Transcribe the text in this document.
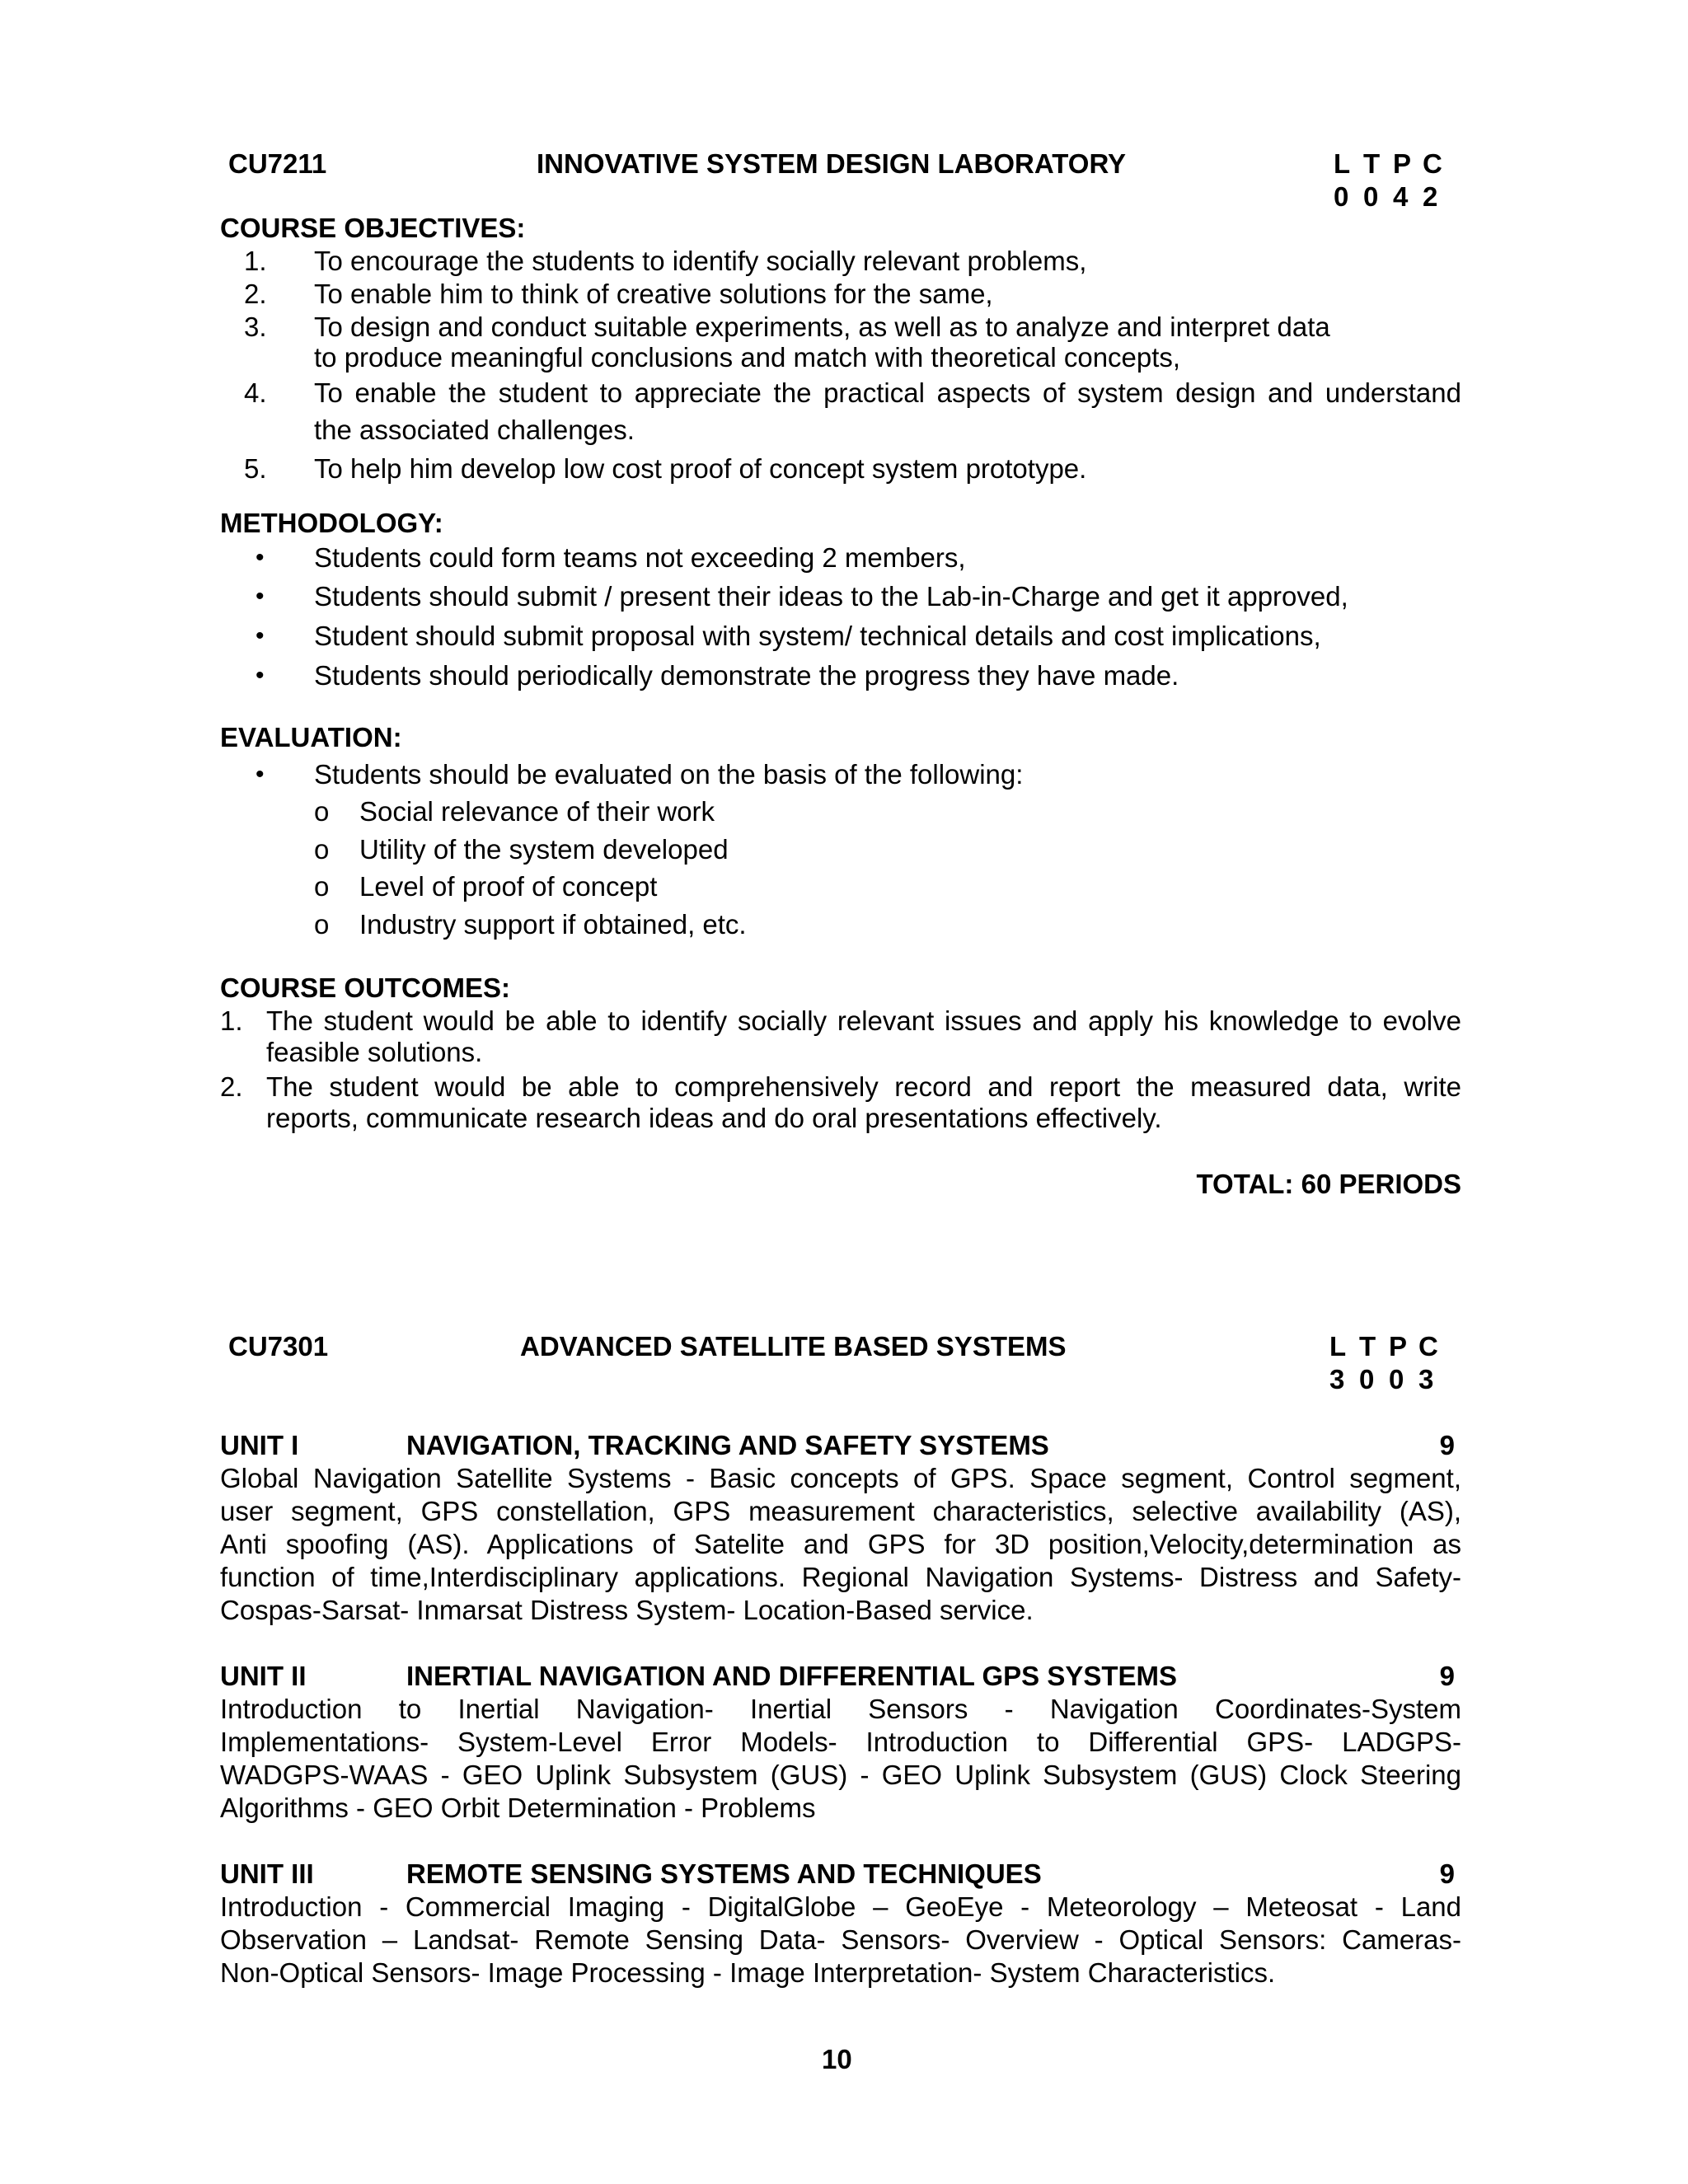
CU7211	INNOVATIVE SYSTEM DESIGN LABORATORY	L T P C
0 0 4 2
COURSE OBJECTIVES:
1. To encourage the students to identify socially relevant problems,
2. To enable him to think of creative solutions for the same,
3. To design and conduct suitable experiments, as well as to analyze and interpret data
to produce meaningful conclusions and match with theoretical concepts,
4. To enable the student to appreciate the practical aspects of system design and understand
the associated challenges.
5. To help him develop low cost proof of concept system prototype.
METHODOLOGY:
• Students could form teams not exceeding 2 members,
• Students should submit / present their ideas to the Lab-in-Charge and get it approved,
• Student should submit proposal with system/ technical details and cost implications,
• Students should periodically demonstrate the progress they have made.
EVALUATION:
• Students should be evaluated on the basis of the following:
o Social relevance of their work
o Utility of the system developed
o Level of proof of concept
o Industry support if obtained, etc.
COURSE OUTCOMES:
1. The student would be able to identify socially relevant issues and apply his knowledge to evolve
feasible solutions.
2. The student would be able to comprehensively record and report the measured data, write
reports, communicate research ideas and do oral presentations effectively.
TOTAL: 60 PERIODS
CU7301	ADVANCED SATELLITE BASED SYSTEMS	L T P C
3 0 0 3
UNIT I	NAVIGATION, TRACKING AND SAFETY SYSTEMS	9
Global Navigation Satellite Systems - Basic concepts of GPS. Space segment, Control segment,
user segment, GPS constellation, GPS measurement characteristics, selective availability (AS),
Anti spoofing (AS). Applications of Satelite and GPS for 3D position,Velocity,determination as
function of time,Interdisciplinary applications. Regional Navigation Systems- Distress and Safety-
Cospas-Sarsat- Inmarsat Distress System- Location-Based service.
UNIT II	INERTIAL NAVIGATION AND DIFFERENTIAL GPS SYSTEMS	9
Introduction to Inertial Navigation- Inertial Sensors - Navigation Coordinates-System
Implementations- System-Level Error Models- Introduction to Differential GPS- LADGPS-
WADGPS-WAAS - GEO Uplink Subsystem (GUS) - GEO Uplink Subsystem (GUS) Clock Steering
Algorithms - GEO Orbit Determination - Problems
UNIT III	REMOTE SENSING SYSTEMS AND TECHNIQUES	9
Introduction - Commercial Imaging - DigitalGlobe – GeoEye - Meteorology – Meteosat - Land
Observation – Landsat- Remote Sensing Data- Sensors- Overview - Optical Sensors: Cameras-
Non-Optical Sensors- Image Processing - Image Interpretation- System Characteristics.
10
